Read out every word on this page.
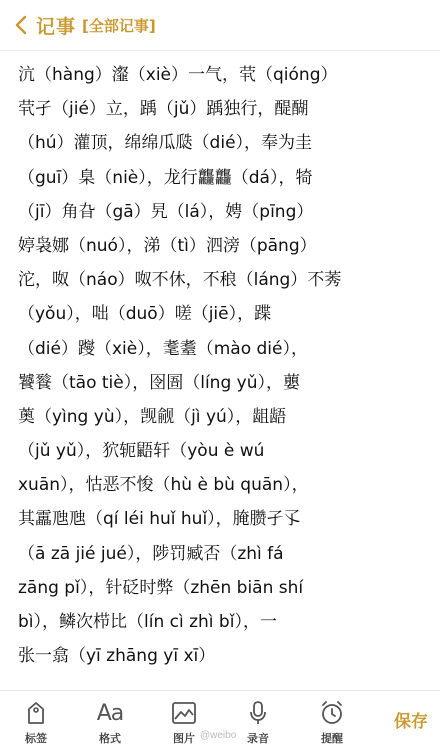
记事 [全部记事]
沆（hàng）瀣（xiè）一气，茕（qióng）
茕孑（jié）立，踽（jǔ）踽独行，醍醐
（hú）灌顶，绵绵瓜瓞（dié），奉为圭
（guī）臬（niè），龙行龘龘（dá），犄
（jī）角旮（gā）旯（lá），娉（pīng）
婷袅娜（nuó），涕（tì）泗滂（pāng）
沱，呶（náo）呶不休，不稂（láng）不莠
（yǒu），咄（duō）嗟（jiē），蹀
（dié）躞（xiè），耄耋（mào dié），
饕餮（tāo tiè），囹圄（líng yǔ），蘡
薁（yìng yù），觊觎（jì yú），龃龉
（jǔ yǔ），狖轭鼯轩（yòu è wú
xuān），怙恶不悛（hù è bù quān），
其靁虺虺（qí léi huǐ huǐ），腌臜孑孓
（ā zā jié jué），陟罚臧否（zhì fá
zāng pǐ），针砭时弊（zhēn biān shí
bì），鳞次栉比（lín cì zhì bǐ），一
张一翕（yī zhāng yī xī）
标签
Aa
格式	图片	录音	提醒
保存
@weibo
